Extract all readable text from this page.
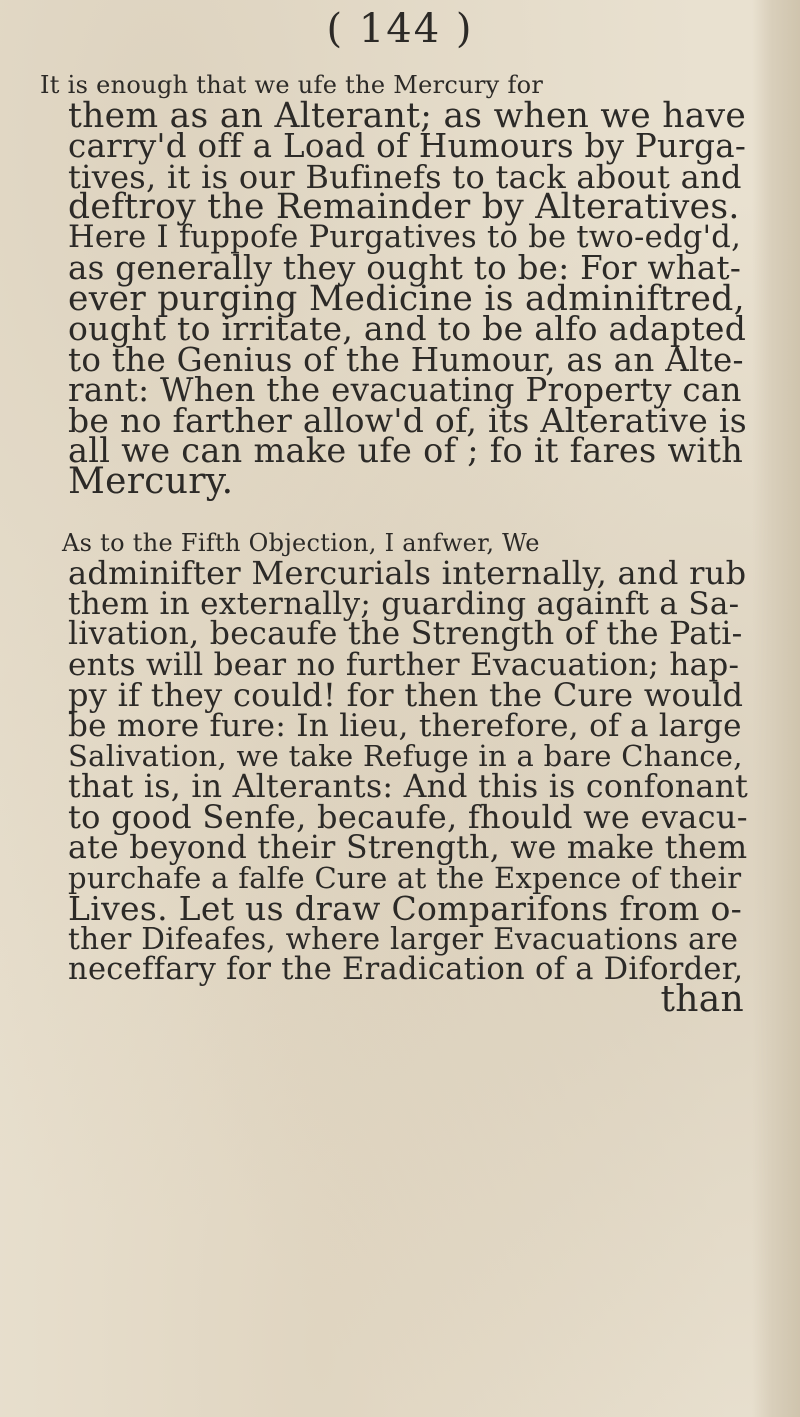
( 144 )
It is enough that we ufe the Mercury for
them as an Alterant; as when we have
carry'd off a Load of Humours by Purga-
tives, it is our Bufinefs to tack about and
deftroy the Remainder by Alteratives.
Here I fuppofe Purgatives to be two-edg'd,
as generally they ought to be: For what-
ever purging Medicine is adminiftred,
ought to irritate, and to be alfo adapted
to the Genius of the Humour, as an Alte-
rant: When the evacuating Property can
be no farther allow'd of, its Alterative is
all we can make ufe of ; fo it fares with
Mercury.
As to the Fifth Objection, I anfwer, We
adminifter Mercurials internally, and rub
them in externally; guarding againft a Sa-
livation, becaufe the Strength of the Pati-
ents will bear no further Evacuation; hap-
py if they could! for then the Cure would
be more fure: In lieu, therefore, of a large
Salivation, we take Refuge in a bare Chance,
that is, in Alterants: And this is confonant
to good Senfe, becaufe, fhould we evacu-
ate beyond their Strength, we make them
purchafe a falfe Cure at the Expence of their
Lives. Let us draw Comparifons from o-
ther Difeafes, where larger Evacuations are
neceffary for the Eradication of a Diforder,
than
